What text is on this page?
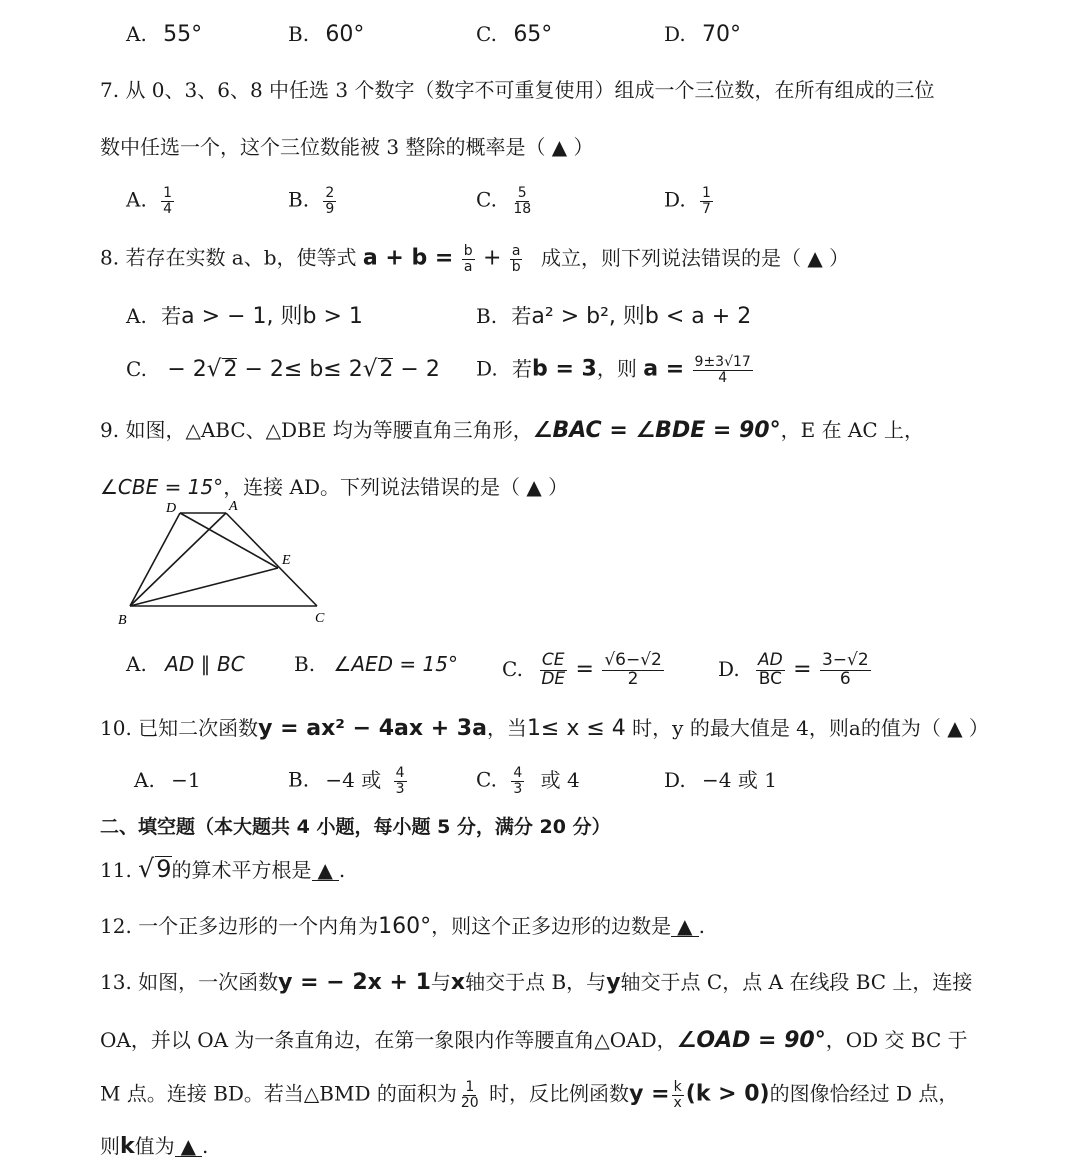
A. 55°	B. 60°	C. 65°	D. 70°
7. 从 0、3、6、8 中任选 3 个数字（数字不可重复使用）组成一个三位数，在所有组成的三位
数中任选一个，这个三位数能被 3 整除的概率是（ ▲ ）
A. $\frac{1}{4}$	B. $\frac{2}{9}$	C. $\frac{5}{18}$	D. $\frac{1}{7}$
8. 若存在实数 a、b，使等式 $a + b = \frac{b}{a} + \frac{a}{b}$ 成立，则下列说法错误的是（ ▲ ）
A. 若a > − 1, 则b > 1	B. 若a² > b², 则b < a + 2
C. − 2√2 − 2≤ b≤ 2√2 − 2 D. 若b = 3，则 $a = \frac{9\pm 3√17}{4}$
9. 如图，△ABC、△DBE 均为等腰直角三角形，∠BAC = ∠BDE = 90°，E 在 AC 上，
∠CBE = 15°，连接 AD。下列说法错误的是（ ▲ ）
D	A
E
B	C
A. AD ∥ BC B. ∠AED = 15° C. $\frac{CE}{DE} = \frac{√6-√2}{2}$	D. $\frac{AD}{BC} = \frac{3-√2}{6}$
10. 已知二次函数y = ax² − 4ax + 3a，当1≤ x ≤ 4 时，y 的最大值是 4，则a的值为（ ▲ ）
A. −1	B. −4 或 $\frac{4}{3}$	C. $\frac{4}{3}$ 或 4	D. −4 或 1
二、填空题（本大题共 4 小题，每小题 5 分，满分 20 分）
11. √9的算术平方根是 ▲ .
12. 一个正多边形的一个内角为160°，则这个正多边形的边数是 ▲ .
13. 如图，一次函数y = − 2x + 1与x轴交于点 B，与y轴交于点 C，点 A 在线段 BC 上，连接
OA，并以 OA 为一条直角边，在第一象限内作等腰直角△OAD，∠OAD = 90°，OD 交 BC 于
M 点。连接 BD。若当△BMD 的面积为 $\frac{1}{20}$ 时，反比例函数$y = \frac{k}{x} (k > 0)$的图像恰经过 D 点，
则k值为 ▲ .
